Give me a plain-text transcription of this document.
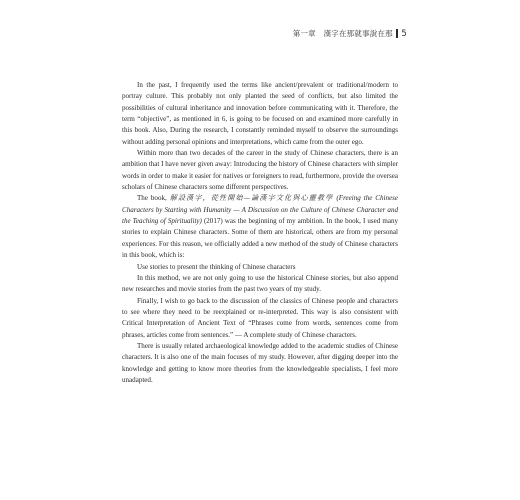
第一章　漢字在那就事說在那 5

In the past, I frequently used the terms like ancient/prevalent or traditional/modern to portray culture. This probably not only planted the seed of conflicts, but also limited the possibilities of cultural inheritance and innovation before communicating with it. Therefore, the term “objective”, as mentioned in 6, is going to be focused on and examined more carefully in this book. Also, During the research, I constantly reminded myself to observe the surroundings without adding personal opinions and interpretations, which came from the outer ego.

Within more than two decades of the career in the study of Chinese characters, there is an ambition that I have never given away: Introducing the history of Chinese characters with simpler words in order to make it easier for natives or foreigners to read, furthermore, provide the oversea scholars of Chinese characters some different perspectives.

The book, 解設漢字，從性開始—論漢字文化與心靈教學 (Freeing the Chinese Characters by Starting with Humanity — A Discussion on the Culture of Chinese Character and the Teaching of Spirituality) (2017) was the beginning of my ambition. In the book, I used many stories to explain Chinese characters. Some of them are historical, others are from my personal experiences. For this reason, we officially added a new method of the study of Chinese characters in this book, which is:

Use stories to present the thinking of Chinese characters

In this method, we are not only going to use the historical Chinese stories, but also append new researches and movie stories from the past two years of my study.

Finally, I wish to go back to the discussion of the classics of Chinese people and characters to see where they need to be reexplained or re-interpreted. This way is also consistent with Critical Interpretation of Ancient Text of “Phrases come from words, sentences come from phrases, articles come from sentences.” — A complete study of Chinese characters.

There is usually related archaeological knowledge added to the academic studies of Chinese characters. It is also one of the main focuses of my study. However, after digging deeper into the knowledge and getting to know more theories from the knowledgeable specialists, I feel more unadapted.
